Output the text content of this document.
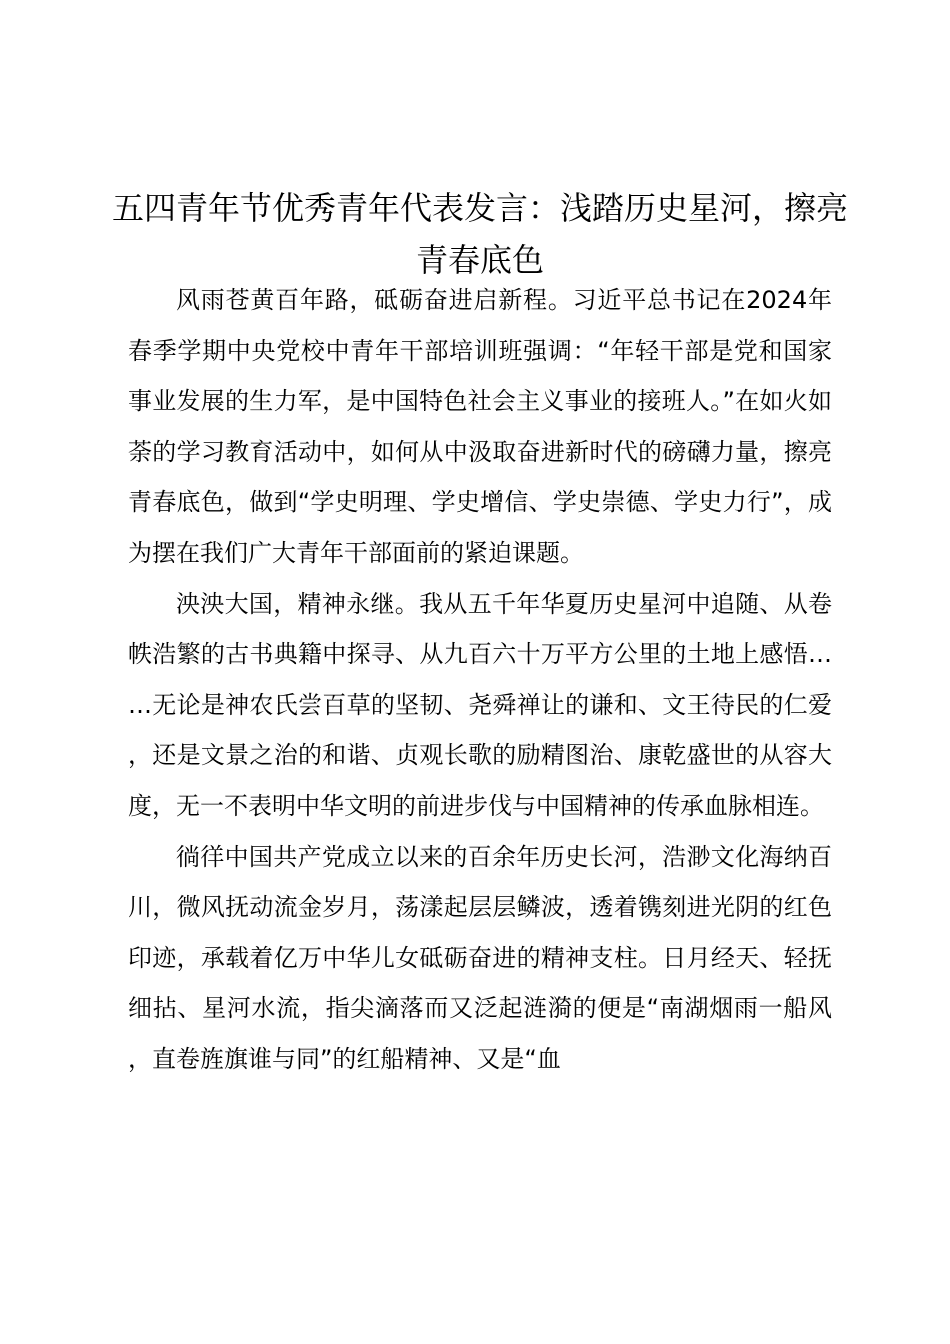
五四青年节优秀青年代表发言：浅踏历史星河，擦亮青春底色

风雨苍黄百年路，砥砺奋进启新程。习近平总书记在2024年春季学期中央党校中青年干部培训班强调：“年轻干部是党和国家事业发展的生力军，是中国特色社会主义事业的接班人。”在如火如荼的学习教育活动中，如何从中汲取奋进新时代的磅礴力量，擦亮青春底色，做到“学史明理、学史增信、学史崇德、学史力行”，成为摆在我们广大青年干部面前的紧迫课题。

泱泱大国，精神永继。我从五千年华夏历史星河中追随、从卷帙浩繁的古书典籍中探寻、从九百六十万平方公里的土地上感悟……无论是神农氏尝百草的坚韧、尧舜禅让的谦和、文王待民的仁爱，还是文景之治的和谐、贞观长歌的励精图治、康乾盛世的从容大度，无一不表明中华文明的前进步伐与中国精神的传承血脉相连。

徜徉中国共产党成立以来的百余年历史长河，浩渺文化海纳百川，微风抚动流金岁月，荡漾起层层鳞波，透着镌刻进光阴的红色印迹，承载着亿万中华儿女砥砺奋进的精神支柱。日月经天、轻抚细拈、星河水流，指尖滴落而又泛起涟漪的便是“南湖烟雨一船风，直卷旌旗谁与同”的红船精神、又是“血
